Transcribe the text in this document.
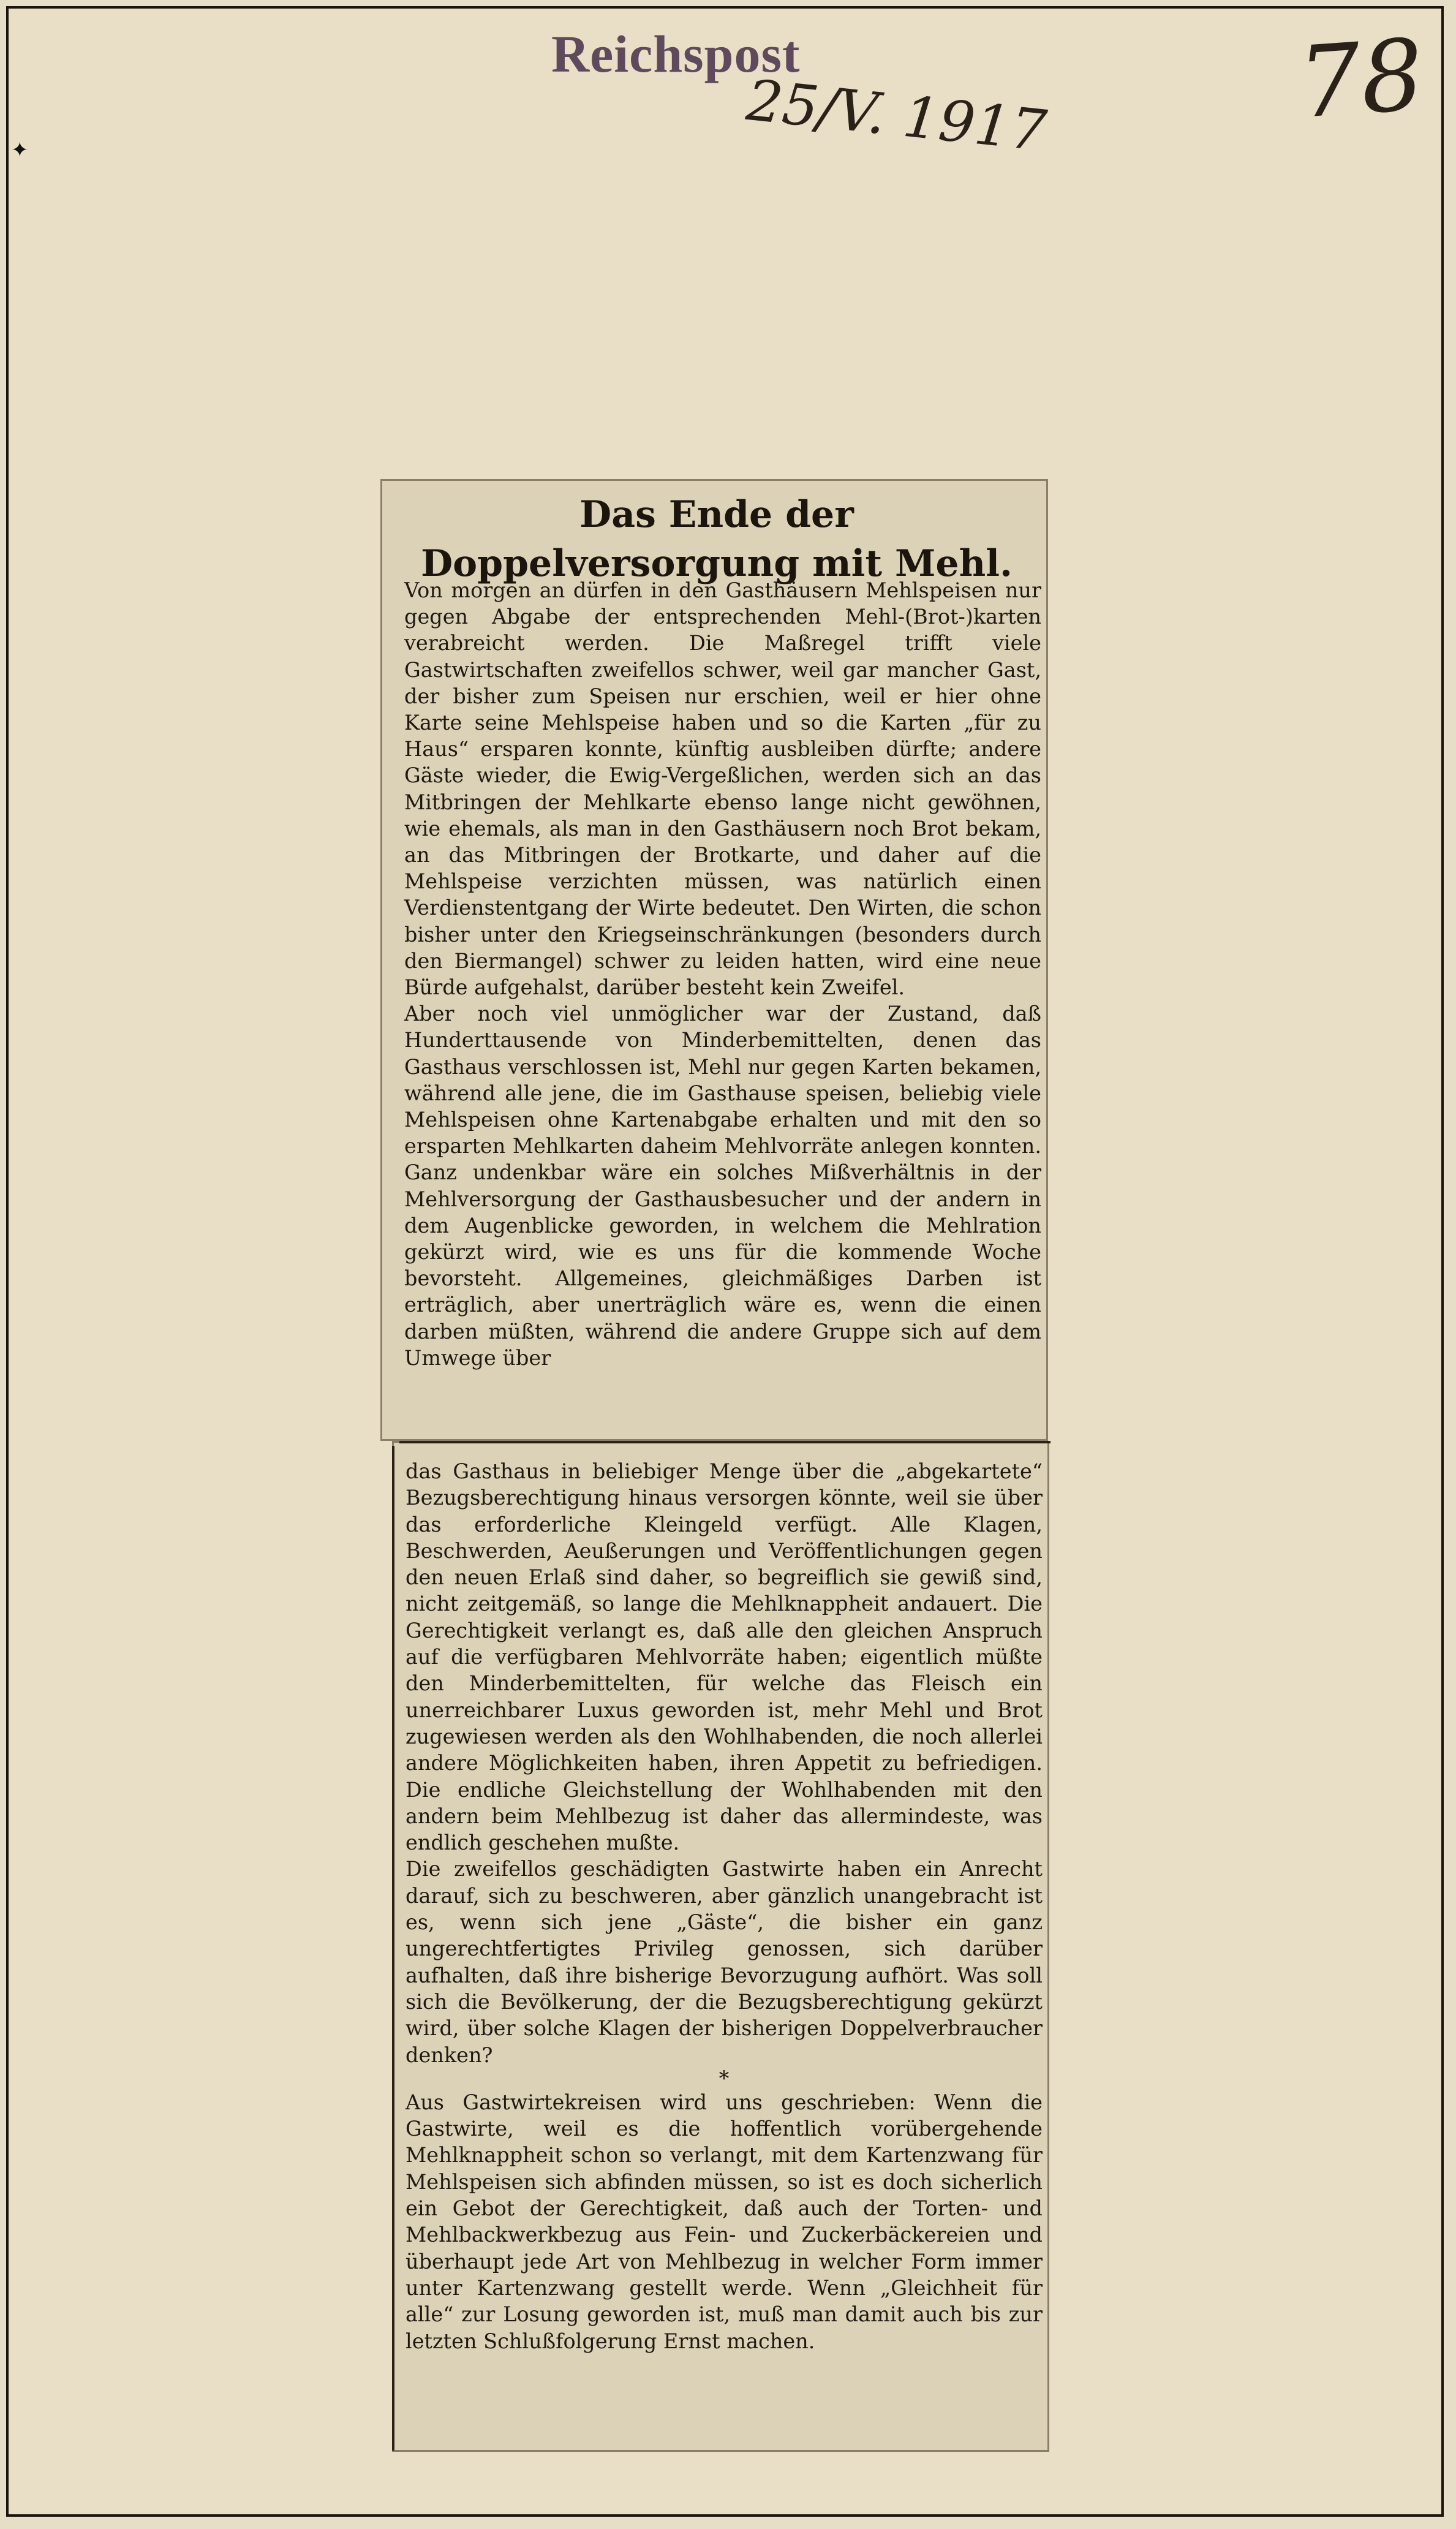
✦
Reichspost
25/V. 1917	78
Das Ende der Doppelversorgung mit Mehl.

Von morgen an dürfen in den Gasthäusern Mehlspeisen nur gegen Abgabe der entsprechenden Mehl-(Brot-)karten verabreicht werden. Die Maßregel trifft viele Gastwirtschaften zweifellos schwer, weil gar mancher Gast, der bisher zum Speisen nur erschien, weil er hier ohne Karte seine Mehlspeise haben und so die Karten „für zu Haus“ ersparen konnte, künftig ausbleiben dürfte; andere Gäste wieder, die Ewig-Vergeßlichen, werden sich an das Mitbringen der Mehlkarte ebenso lange nicht gewöhnen, wie ehemals, als man in den Gasthäusern noch Brot bekam, an das Mitbringen der Brotkarte, und daher auf die Mehlspeise verzichten müssen, was natürlich einen Verdienstentgang der Wirte bedeutet. Den Wirten, die schon bisher unter den Kriegseinschränkungen (besonders durch den Biermangel) schwer zu leiden hatten, wird eine neue Bürde aufgehalst, darüber besteht kein Zweifel.

Aber noch viel unmöglicher war der Zustand, daß Hunderttausende von Minderbemittelten, denen das Gasthaus verschlossen ist, Mehl nur gegen Karten bekamen, während alle jene, die im Gasthause speisen, beliebig viele Mehlspeisen ohne Kartenabgabe erhalten und mit den so ersparten Mehlkarten daheim Mehlvorräte anlegen konnten. Ganz undenkbar wäre ein solches Mißverhältnis in der Mehlversorgung der Gasthausbesucher und der andern in dem Augenblicke geworden, in welchem die Mehlration gekürzt wird, wie es uns für die kommende Woche bevorsteht. Allgemeines, gleichmäßiges Darben ist erträglich, aber unerträglich wäre es, wenn die einen darben müßten, während die andere Gruppe sich auf dem Umwege über

das Gasthaus in beliebiger Menge über die „abgekartete“ Bezugsberechtigung hinaus versorgen könnte, weil sie über das erforderliche Kleingeld verfügt. Alle Klagen, Beschwerden, Aeußerungen und Veröffentlichungen gegen den neuen Erlaß sind daher, so begreiflich sie gewiß sind, nicht zeitgemäß, so lange die Mehlknappheit andauert. Die Gerechtigkeit verlangt es, daß alle den gleichen Anspruch auf die verfügbaren Mehlvorräte haben; eigentlich müßte den Minderbemittelten, für welche das Fleisch ein unerreichbarer Luxus geworden ist, mehr Mehl und Brot zugewiesen werden als den Wohlhabenden, die noch allerlei andere Möglichkeiten haben, ihren Appetit zu befriedigen. Die endliche Gleichstellung der Wohlhabenden mit den andern beim Mehlbezug ist daher das allermindeste, was endlich geschehen mußte.

Die zweifellos geschädigten Gastwirte haben ein Anrecht darauf, sich zu beschweren, aber gänzlich unangebracht ist es, wenn sich jene „Gäste“, die bisher ein ganz ungerechtfertigtes Privileg genossen, sich darüber aufhalten, daß ihre bisherige Bevorzugung aufhört. Was soll sich die Bevölkerung, der die Bezugsberechtigung gekürzt wird, über solche Klagen der bisherigen Doppelverbraucher denken?

*

Aus Gastwirtekreisen wird uns geschrieben: Wenn die Gastwirte, weil es die hoffentlich vorübergehende Mehlknappheit schon so verlangt, mit dem Kartenzwang für Mehlspeisen sich abfinden müssen, so ist es doch sicherlich ein Gebot der Gerechtigkeit, daß auch der Torten- und Mehlbackwerkbezug aus Fein- und Zuckerbäckereien und überhaupt jede Art von Mehlbezug in welcher Form immer unter Kartenzwang gestellt werde. Wenn „Gleichheit für alle“ zur Losung geworden ist, muß man damit auch bis zur letzten Schlußfolgerung Ernst machen.
